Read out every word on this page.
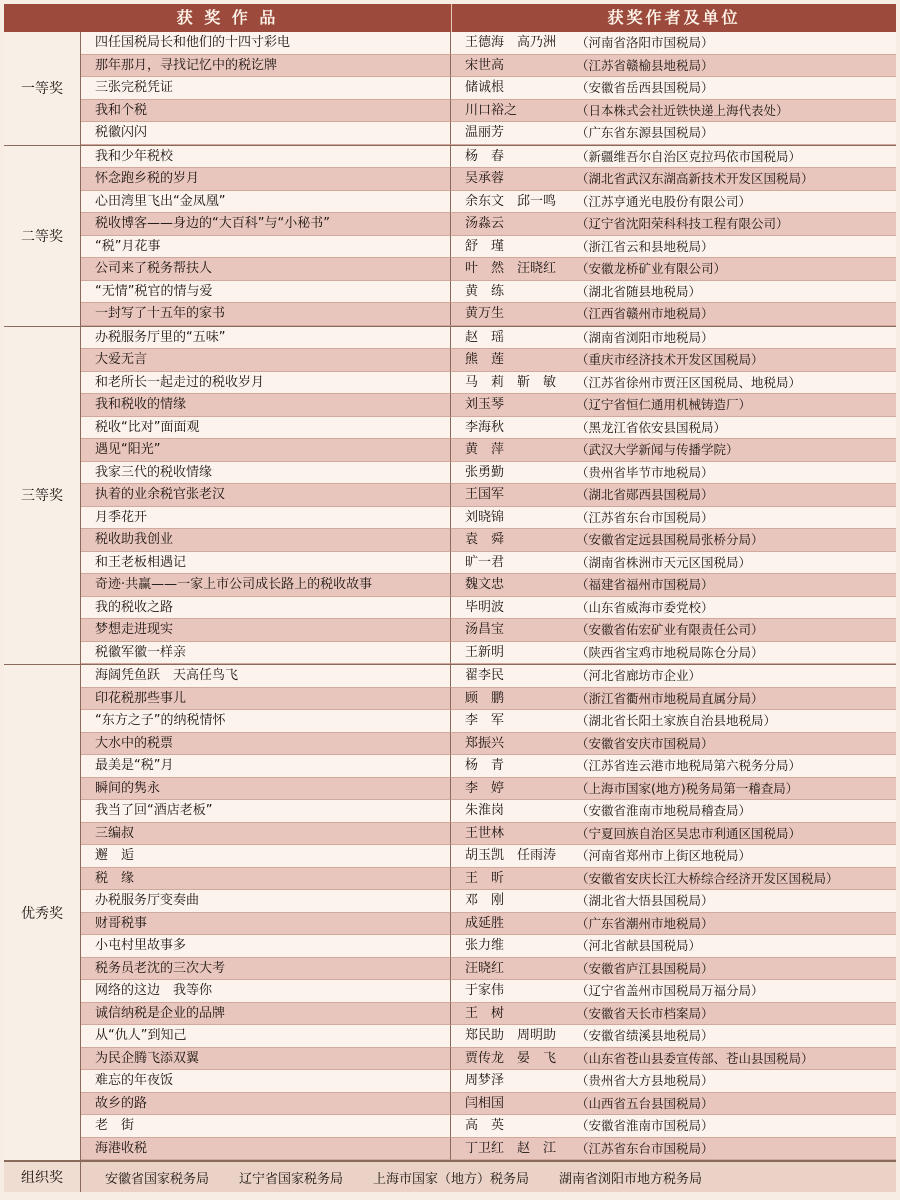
获 奖 作 品	获奖作者及单位
一等奖
四任国税局长和他们的十四寸彩电	王德海　高乃洲	（河南省洛阳市国税局）
那年那月，寻找记忆中的税讫牌	宋世高	（江苏省赣榆县地税局）
三张完税凭证	储诚根	（安徽省岳西县国税局）
我和个税	川口裕之	（日本株式会社近铁快递上海代表处）
税徽闪闪	温丽芳	（广东省东源县国税局）
二等奖
我和少年税校	杨　春	（新疆维吾尔自治区克拉玛依市国税局）
怀念跑乡税的岁月	吴承蓉	（湖北省武汉东湖高新技术开发区国税局）
心田湾里飞出“金凤凰”	余东文　邱一鸣	（江苏亨通光电股份有限公司）
税收博客——身边的“大百科”与“小秘书”	汤淼云	（辽宁省沈阳荣科科技工程有限公司）
“税”月花事	舒　瑾	（浙江省云和县地税局）
公司来了税务帮扶人	叶　然　汪晓红	（安徽龙桥矿业有限公司）
“无情”税官的情与爱	黄　练	（湖北省随县地税局）
一封写了十五年的家书	黄万生	（江西省赣州市地税局）
三等奖
办税服务厅里的“五味”	赵　瑶	（湖南省浏阳市地税局）
大爱无言	熊　莲	（重庆市经济技术开发区国税局）
和老所长一起走过的税收岁月	马　莉　靳　敏	（江苏省徐州市贾汪区国税局、地税局）
我和税收的情缘	刘玉琴	（辽宁省恒仁通用机械铸造厂）
税收“比对”面面观	李海秋	（黑龙江省依安县国税局）
遇见“阳光”	黄　萍	（武汉大学新闻与传播学院）
我家三代的税收情缘	张勇勤	（贵州省毕节市地税局）
执着的业余税官张老汉	王国军	（湖北省郧西县国税局）
月季花开	刘晓锦	（江苏省东台市国税局）
税收助我创业	袁　舜	（安徽省定远县国税局张桥分局）
和王老板相遇记	旷一君	（湖南省株洲市天元区国税局）
奇迹·共赢——一家上市公司成长路上的税收故事	魏文忠	（福建省福州市国税局）
我的税收之路	毕明波	（山东省威海市委党校）
梦想走进现实	汤昌宝	（安徽省佑宏矿业有限责任公司）
税徽军徽一样亲	王新明	（陕西省宝鸡市地税局陈仓分局）
优秀奖
海阔凭鱼跃　天高任鸟飞	翟李民	（河北省廊坊市企业）
印花税那些事儿	顾　鹏	（浙江省衢州市地税局直属分局）
“东方之子”的纳税情怀	李　军	（湖北省长阳土家族自治县地税局）
大水中的税票	郑振兴	（安徽省安庆市国税局）
最美是“税”月	杨　青	（江苏省连云港市地税局第六税务分局）
瞬间的隽永	李　婷	（上海市国家(地方)税务局第一稽查局）
我当了回“酒店老板”	朱淮岗	（安徽省淮南市地税局稽查局）
三编叔	王世林	（宁夏回族自治区吴忠市利通区国税局）
邂　逅	胡玉凯　任雨涛	（河南省郑州市上街区地税局）
税　缘	王　昕	（安徽省安庆长江大桥综合经济开发区国税局）
办税服务厅变奏曲	邓　刚	（湖北省大悟县国税局）
财哥税事	成延胜	（广东省潮州市地税局）
小屯村里故事多	张力维	（河北省献县国税局）
税务员老沈的三次大考	汪晓红	（安徽省庐江县国税局）
网络的这边　我等你	于家伟	（辽宁省盖州市国税局万福分局）
诚信纳税是企业的品牌	王　树	（安徽省天长市档案局）
从“仇人”到知己	郑民助　周明助	（安徽省绩溪县地税局）
为民企腾飞添双翼	贾传龙　晏　飞	（山东省苍山县委宣传部、苍山县国税局）
难忘的年夜饭	周梦泽	（贵州省大方县地税局）
故乡的路	闫相国	（山西省五台县国税局）
老　街	高　英	（安徽省淮南市国税局）
海港收税	丁卫红　赵　江	（江苏省东台市国税局）
组织奖	安徽省国家税务局 辽宁省国家税务局 上海市国家（地方）税务局 湖南省浏阳市地方税务局
